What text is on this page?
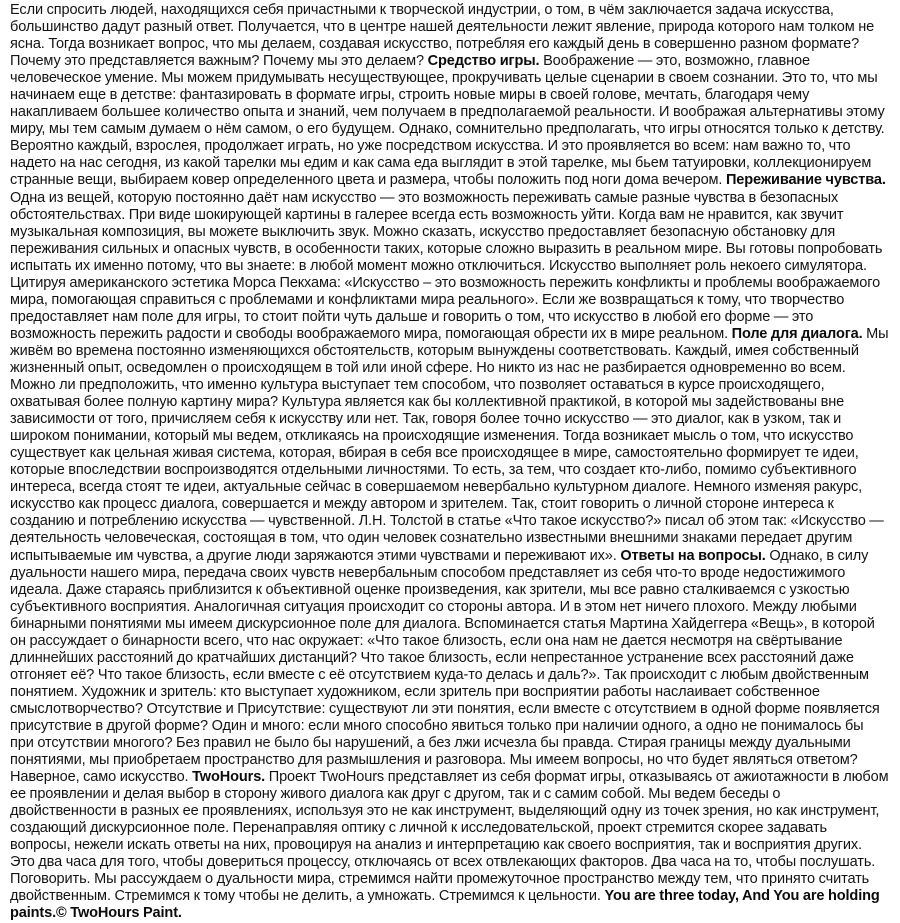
Если спросить людей, находящихся себя причастными к творческой индустрии, о том, в чём заключается задача искусства, большинство дадут разный ответ. Получается, что в центре нашей деятельности лежит явление, природа которого нам толком не ясна. Тогда возникает вопрос, что мы делаем, создавая искусство, потребляя его каждый день в совершенно разном формате? Почему это представляется важным? Почему мы это делаем? Средство игры. Воображение — это, возможно, главное человеческое умение. Мы можем придумывать несуществующее, прокручивать целые сценарии в своем сознании. Это то, что мы начинаем еще в детстве: фантазировать в формате игры, строить новые миры в своей голове, мечтать, благодаря чему накапливаем большее количество опыта и знаний, чем получаем в предполагаемой реальности. И воображая альтернативы этому миру, мы тем самым думаем о нём самом, о его будущем. Однако, сомнительно предполагать, что игры относятся только к детству. Вероятно каждый, взрослея, продолжает играть, но уже посредством искусства. И это проявляется во всем: нам важно то, что надето на нас сегодня, из какой тарелки мы едим и как сама еда выглядит в этой тарелке, мы бьем татуировки, коллекционируем странные вещи, выбираем ковер определенного цвета и размера, чтобы положить под ноги дома вечером. Переживание чувства. Одна из вещей, которую постоянно даёт нам искусство — это возможность переживать самые разные чувства в безопасных обстоятельствах. При виде шокирующей картины в галерее всегда есть возможность уйти. Когда вам не нравится, как звучит музыкальная композиция, вы можете выключить звук. Можно сказать, искусство предоставляет безопасную обстановку для переживания сильных и опасных чувств, в особенности таких, которые сложно выразить в реальном мире. Вы готовы попробовать испытать их именно потому, что вы знаете: в любой момент можно отключиться. Искусство выполняет роль некоего симулятора. Цитируя американского эстетика Морса Пекхама: «Искусство – это возможность пережить конфликты и проблемы воображаемого мира, помогающая справиться с проблемами и конфликтами мира реального». Если же возвращаться к тому, что творчество предоставляет нам поле для игры, то стоит пойти чуть дальше и говорить о том, что искусство в любой его форме — это возможность пережить радости и свободы воображаемого мира, помогающая обрести их в мире реальном. Поле для диалога. Мы живём во времена постоянно изменяющихся обстоятельств, которым вынуждены соответствовать. Каждый, имея собственный жизненный опыт, осведомлен о происходящем в той или иной сфере. Но никто из нас не разбирается одновременно во всем. Можно ли предположить, что именно культура выступает тем способом, что позволяет оставаться в курсе происходящего, охватывая более полную картину мира? Культура является как бы коллективной практикой, в которой мы задействованы вне зависимости от того, причисляем себя к искусству или нет. Так, говоря более точно искусство — это диалог, как в узком, так и широком понимании, который мы ведем, откликаясь на происходящие изменения. Тогда возникает мысль о том, что искусство существует как цельная живая система, которая, вбирая в себя все происходящее в мире, самостоятельно формирует те идеи, которые впоследствии воспроизводятся отдельными личностями. То есть, за тем, что создает кто-либо, помимо субъективного интереса, всегда стоят те идеи, актуальные сейчас в совершаемом невербально культурном диалоге. Немного изменяя ракурс, искусство как процесс диалога, совершается и между автором и зрителем. Так, стоит говорить о личной стороне интереса к созданию и потреблению искусства — чувственной. Л.Н. Толстой в статье «Что такое искусство?» писал об этом так: «Искусство — деятельность человеческая, состоящая в том, что один человек сознательно известными внешними знаками передает другим испытываемые им чувства, а другие люди заряжаются этими чувствами и переживают их». Ответы на вопросы. Однако, в силу дуальности нашего мира, передача своих чувств невербальным способом представляет из себя что-то вроде недостижимого идеала. Даже стараясь приблизится к объективной оценке произведения, как зрители, мы все равно сталкиваемся с узкостью субъективного восприятия. Аналогичная ситуация происходит со стороны автора. И в этом нет ничего плохого. Между любыми бинарными понятиями мы имеем дискурсионное поле для диалога. Вспоминается статья Мартина Хайдеггера «Вещь», в которой он рассуждает о бинарности всего, что нас окружает: «Что такое близость, если она нам не дается несмотря на свёртывание длиннейших расстояний до кратчайших дистанций? Что такое близость, если непрестанное устранение всех расстояний даже отгоняет её? Что такое близость, если вместе с её отсутствием куда-то делась и даль?». Так происходит с любым двойственным понятием. Художник и зритель: кто выступает художником, если зритель при восприятии работы наслаивает собственное смыслотворчество? Отсутствие и Присутствие: существуют ли эти понятия, если вместе с отсутствием в одной форме появляется присутствие в другой форме? Один и много: если много способно явиться только при наличии одного, а одно не понималось бы при отсутствии многого? Без правил не было бы нарушений, а без лжи исчезла бы правда. Стирая границы между дуальными понятиями, мы приобретаем пространство для размышления и разговора. Мы имеем вопросы, но что будет являться ответом? Наверное, само искусство. TwoHours. Проект TwoHours представляет из себя формат игры, отказываясь от ажиотажности в любом ее проявлении и делая выбор в сторону живого диалога как друг с другом, так и с самим собой. Мы ведем беседы о двойственности в разных ее проявлениях, используя это не как инструмент, выделяющий одну из точек зрения, но как инструмент, создающий дискурсионное поле. Перенаправляя оптику с личной к исследовательской, проект стремится скорее задавать вопросы, нежели искать ответы на них, провоцируя на анализ и интерпретацию как своего восприятия, так и восприятия других. Это два часа для того, чтобы довериться процессу, отключаясь от всех отвлекающих факторов. Два часа на то, чтобы послушать. Поговорить. Мы рассуждаем о дуальности мира, стремимся найти промежуточное пространство между тем, что принято считать двойственным. Стремимся к тому чтобы не делить, а умножать. Стремимся к цельности. You are three today, And You are holding paints.© TwoHours Paint.
